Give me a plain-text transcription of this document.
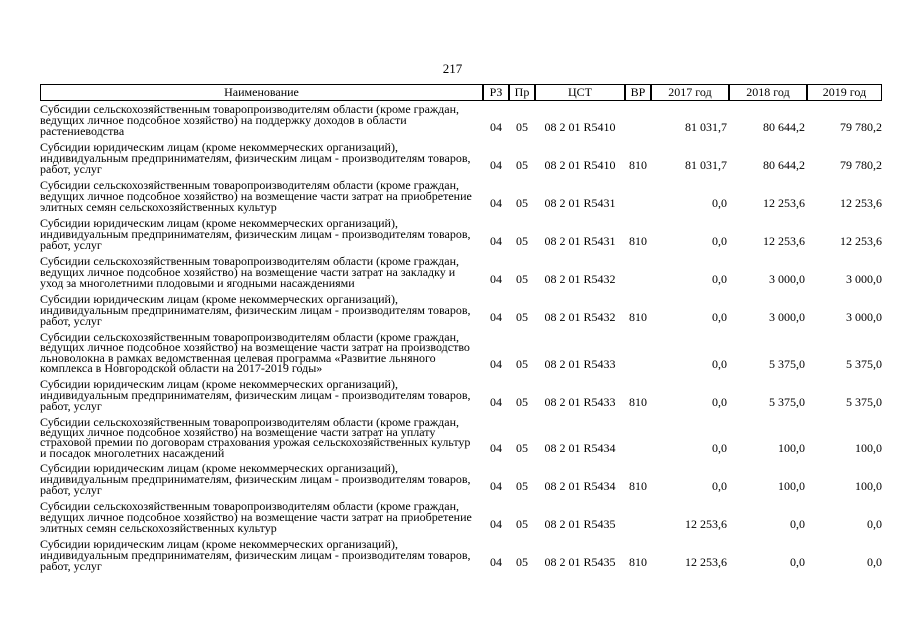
217
Наименование	РЗ	Пр	ЦСТ	ВР	2017 год	2018 год	2019 год
Субсидии сельскохозяйственным товаропроизводителям области (кроме граждан, ведущих личное подсобное хозяйство) на поддержку доходов в области растениеводства	04	05	08 2 01 R5410		81 031,7	80 644,2	79 780,2
Субсидии юридическим лицам (кроме некоммерческих организаций), индивидуальным предпринимателям, физическим лицам - производителям товаров, работ, услуг	04	05	08 2 01 R5410	810	81 031,7	80 644,2	79 780,2
Субсидии сельскохозяйственным товаропроизводителям области (кроме граждан, ведущих личное подсобное хозяйство) на возмещение части затрат на приобретение элитных семян сельскохозяйственных культур	04	05	08 2 01 R5431		0,0	12 253,6	12 253,6
Субсидии юридическим лицам (кроме некоммерческих организаций), индивидуальным предпринимателям, физическим лицам - производителям товаров, работ, услуг	04	05	08 2 01 R5431	810	0,0	12 253,6	12 253,6
Субсидии сельскохозяйственным товаропроизводителям области (кроме граждан, ведущих личное подсобное хозяйство) на возмещение части затрат на закладку и уход за многолетними плодовыми и ягодными насаждениями	04	05	08 2 01 R5432		0,0	3 000,0	3 000,0
Субсидии юридическим лицам (кроме некоммерческих организаций), индивидуальным предпринимателям, физическим лицам - производителям товаров, работ, услуг	04	05	08 2 01 R5432	810	0,0	3 000,0	3 000,0
Субсидии сельскохозяйственным товаропроизводителям области (кроме граждан, ведущих личное подсобное хозяйство) на возмещение части затрат на производство льноволокна в рамках ведомственная целевая программа «Развитие льняного комплекса в Новгородской области на 2017-2019 годы»	04	05	08 2 01 R5433		0,0	5 375,0	5 375,0
Субсидии юридическим лицам (кроме некоммерческих организаций), индивидуальным предпринимателям, физическим лицам - производителям товаров, работ, услуг	04	05	08 2 01 R5433	810	0,0	5 375,0	5 375,0
Субсидии сельскохозяйственным товаропроизводителям области (кроме граждан, ведущих личное подсобное хозяйство) на возмещение части затрат на уплату страховой премии по договорам страхования урожая сельскохозяйственных культур и посадок многолетних насаждений	04	05	08 2 01 R5434		0,0	100,0	100,0
Субсидии юридическим лицам (кроме некоммерческих организаций), индивидуальным предпринимателям, физическим лицам - производителям товаров, работ, услуг	04	05	08 2 01 R5434	810	0,0	100,0	100,0
Субсидии сельскохозяйственным товаропроизводителям области (кроме граждан, ведущих личное подсобное хозяйство) на возмещение части затрат на приобретение элитных семян сельскохозяйственных культур	04	05	08 2 01 R5435		12 253,6	0,0	0,0
Субсидии юридическим лицам (кроме некоммерческих организаций), индивидуальным предпринимателям, физическим лицам - производителям товаров, работ, услуг	04	05	08 2 01 R5435	810	12 253,6	0,0	0,0
